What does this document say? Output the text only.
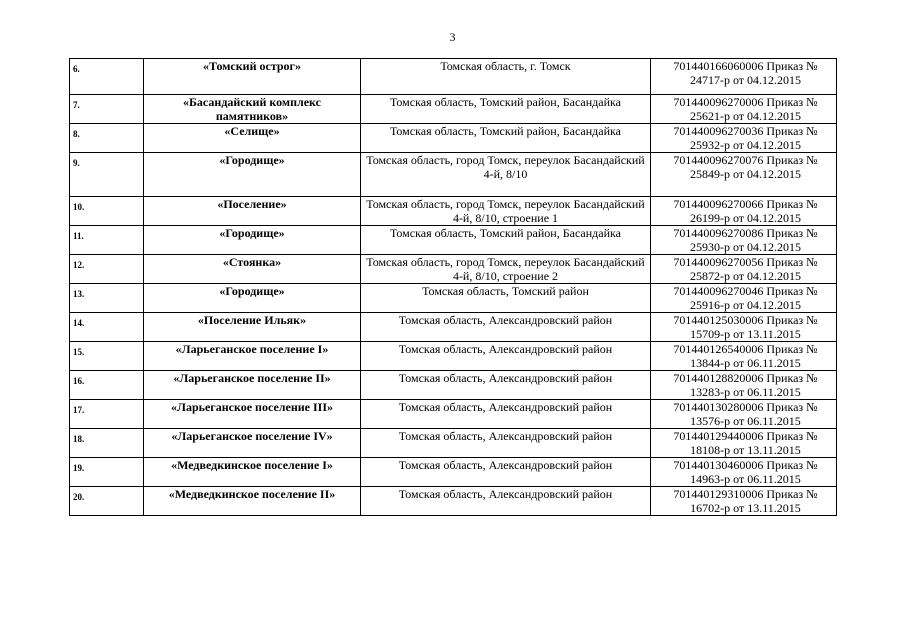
3
6.	«Томский острог»	Томская область, г. Томск	701440166060006 Приказ № 24717-р от 04.12.2015
7.	«Басандайский комплекс памятников»	Томская область, Томский район, Басандайка	701440096270006 Приказ № 25621-р от 04.12.2015
8.	«Селище»	Томская область, Томский район, Басандайка	701440096270036 Приказ № 25932-р от 04.12.2015
9.	«Городище»	Томская область, город Томск, переулок Басандайский 4-й, 8/10	701440096270076 Приказ № 25849-р от 04.12.2015
10.	«Поселение»	Томская область, город Томск, переулок Басандайский 4-й, 8/10, строение 1	701440096270066 Приказ № 26199-р от 04.12.2015
11.	«Городище»	Томская область, Томский район, Басандайка	701440096270086 Приказ № 25930-р от 04.12.2015
12.	«Стоянка»	Томская область, город Томск, переулок Басандайский 4-й, 8/10, строение 2	701440096270056 Приказ № 25872-р от 04.12.2015
13.	«Городище»	Томская область, Томский район	701440096270046 Приказ № 25916-р от 04.12.2015
14.	«Поселение Ильяк»	Томская область, Александровский район	701440125030006 Приказ № 15709-р от 13.11.2015
15.	«Ларьеганское поселение I»	Томская область, Александровский район	701440126540006 Приказ № 13844-р от 06.11.2015
16.	«Ларьеганское поселение II»	Томская область, Александровский район	701440128820006 Приказ № 13283-р от 06.11.2015
17.	«Ларьеганское поселение III»	Томская область, Александровский район	701440130280006 Приказ № 13576-р от 06.11.2015
18.	«Ларьеганское поселение IV»	Томская область, Александровский район	701440129440006 Приказ № 18108-р от 13.11.2015
19.	«Медведкинское поселение I»	Томская область, Александровский район	701440130460006 Приказ № 14963-р от 06.11.2015
20.	«Медведкинское поселение II»	Томская область, Александровский район	701440129310006 Приказ № 16702-р от 13.11.2015
